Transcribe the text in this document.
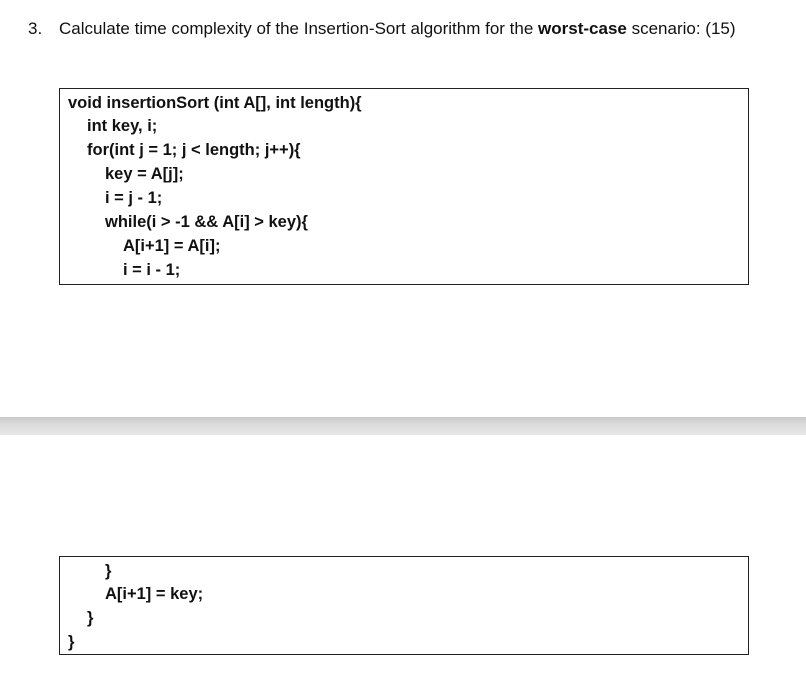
3. Calculate time complexity of the Insertion-Sort algorithm for the worst-case scenario: (15)
void insertionSort (int A[], int length){
int key, i;
for(int j = 1; j < length; j++){
key = A[j];
i = j - 1;
while(i > -1 && A[i] > key){
A[i+1] = A[i];
i = i - 1;
}
A[i+1] = key;
}
}
